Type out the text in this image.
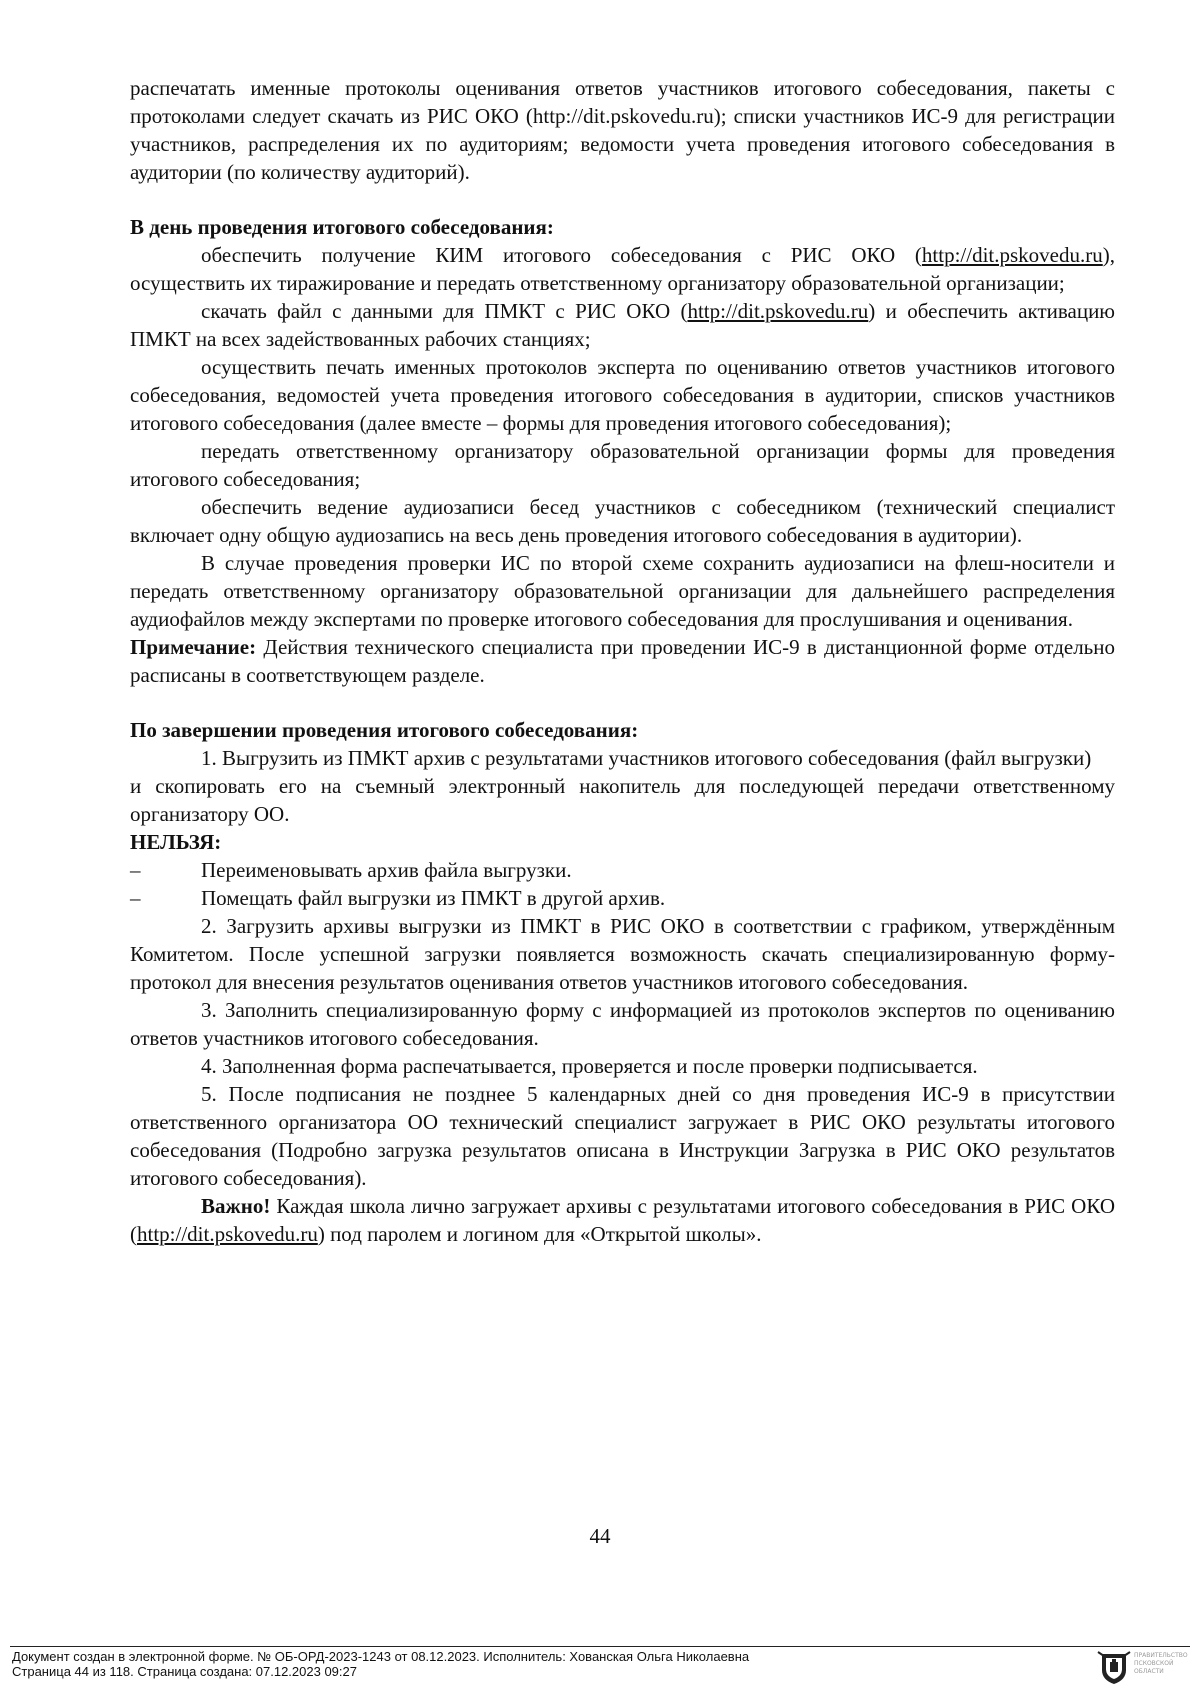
распечатать именные протоколы оценивания ответов участников итогового собеседования, пакеты с протоколами следует скачать из РИС ОКО (http://dit.pskovedu.ru); списки участников ИС-9 для регистрации участников, распределения их по аудиториям; ведомости учета проведения итогового собеседования в аудитории (по количеству аудиторий).

В день проведения итогового собеседования:

обеспечить получение КИМ итогового собеседования с РИС ОКО (http://dit.pskovedu.ru), осуществить их тиражирование и передать ответственному организатору образовательной организации;

скачать файл с данными для ПМКТ с РИС ОКО (http://dit.pskovedu.ru) и обеспечить активацию ПМКТ на всех задействованных рабочих станциях;

осуществить печать именных протоколов эксперта по оцениванию ответов участников итогового собеседования, ведомостей учета проведения итогового собеседования в аудитории, списков участников итогового собеседования (далее вместе – формы для проведения итогового собеседования);

передать ответственному организатору образовательной организации формы для проведения итогового собеседования;

обеспечить ведение аудиозаписи бесед участников с собеседником (технический специалист включает одну общую аудиозапись на весь день проведения итогового собеседования в аудитории).

В случае проведения проверки ИС по второй схеме сохранить аудиозаписи на флеш-носители и передать ответственному организатору образовательной организации для дальнейшего распределения аудиофайлов между экспертами по проверке итогового собеседования для прослушивания и оценивания.

Примечание: Действия технического специалиста при проведении ИС-9 в дистанционной форме отдельно расписаны в соответствующем разделе.

По завершении проведения итогового собеседования:

1. Выгрузить из ПМКТ архив с результатами участников итогового собеседования (файл выгрузки)

и скопировать его на съемный электронный накопитель для последующей передачи ответственному организатору ОО.

НЕЛЬЗЯ:

–	Переименовывать архив файла выгрузки.

–	Помещать файл выгрузки из ПМКТ в другой архив.

2. Загрузить архивы выгрузки из ПМКТ в РИС ОКО в соответствии с графиком, утверждённым Комитетом. После успешной загрузки появляется возможность скачать специализированную форму-протокол для внесения результатов оценивания ответов участников итогового собеседования.

3. Заполнить специализированную форму с информацией из протоколов экспертов по оцениванию ответов участников итогового собеседования.

4. Заполненная форма распечатывается, проверяется и после проверки подписывается.

5. После подписания не позднее 5 календарных дней со дня проведения ИС-9 в присутствии ответственного организатора ОО технический специалист загружает в РИС ОКО результаты итогового собеседования (Подробно загрузка результатов описана в Инструкции Загрузка в РИС ОКО результатов итогового собеседования).

Важно! Каждая школа лично загружает архивы с результатами итогового собеседования в РИС ОКО (http://dit.pskovedu.ru) под паролем и логином для «Открытой школы».

44
Документ создан в электронной форме. № ОБ-ОРД-2023-1243 от 08.12.2023. Исполнитель: Хованская Ольга Николаевна
Страница 44 из 118. Страница создана: 07.12.2023 09:27
ПРАВИТЕЛЬСТВО ПСКОВСКОЙ ОБЛАСТИ
